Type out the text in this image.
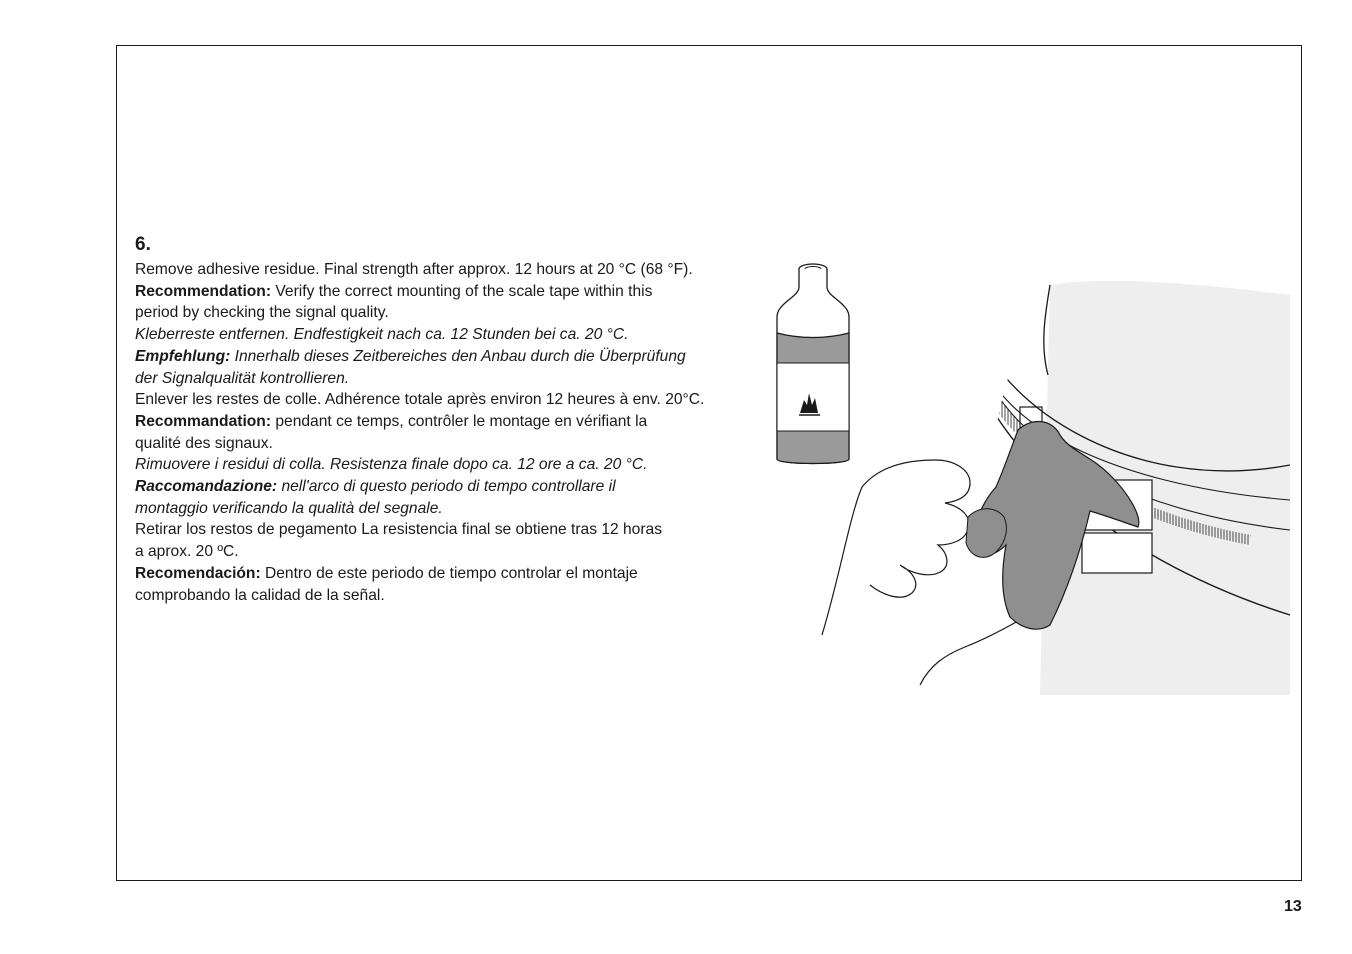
6.

Remove adhesive residue. Final strength after approx. 12 hours at 20 °C (68 °F).

Recommendation: Verify the correct mounting of the scale tape within this

period by checking the signal quality.

Kleberreste entfernen. Endfestigkeit nach ca. 12 Stunden bei ca. 20 °C.

Empfehlung: Innerhalb dieses Zeitbereiches den Anbau durch die Überprüfung

der Signalqualität kontrollieren.

Enlever les restes de colle. Adhérence totale après environ 12 heures à env. 20°C.

Recommandation: pendant ce temps, contrôler le montage en vérifiant la

qualité des signaux.

Rimuovere i residui di colla. Resistenza finale dopo ca. 12 ore a ca. 20 °C.

Raccomandazione: nell'arco di questo periodo di tempo controllare il

montaggio verificando la qualità del segnale.

Retirar los restos de pegamento La resistencia final se obtiene tras 12 horas

a aprox. 20 ºC.

Recomendación: Dentro de este periodo de tiempo controlar el montaje

comprobando la calidad de la señal.

13
